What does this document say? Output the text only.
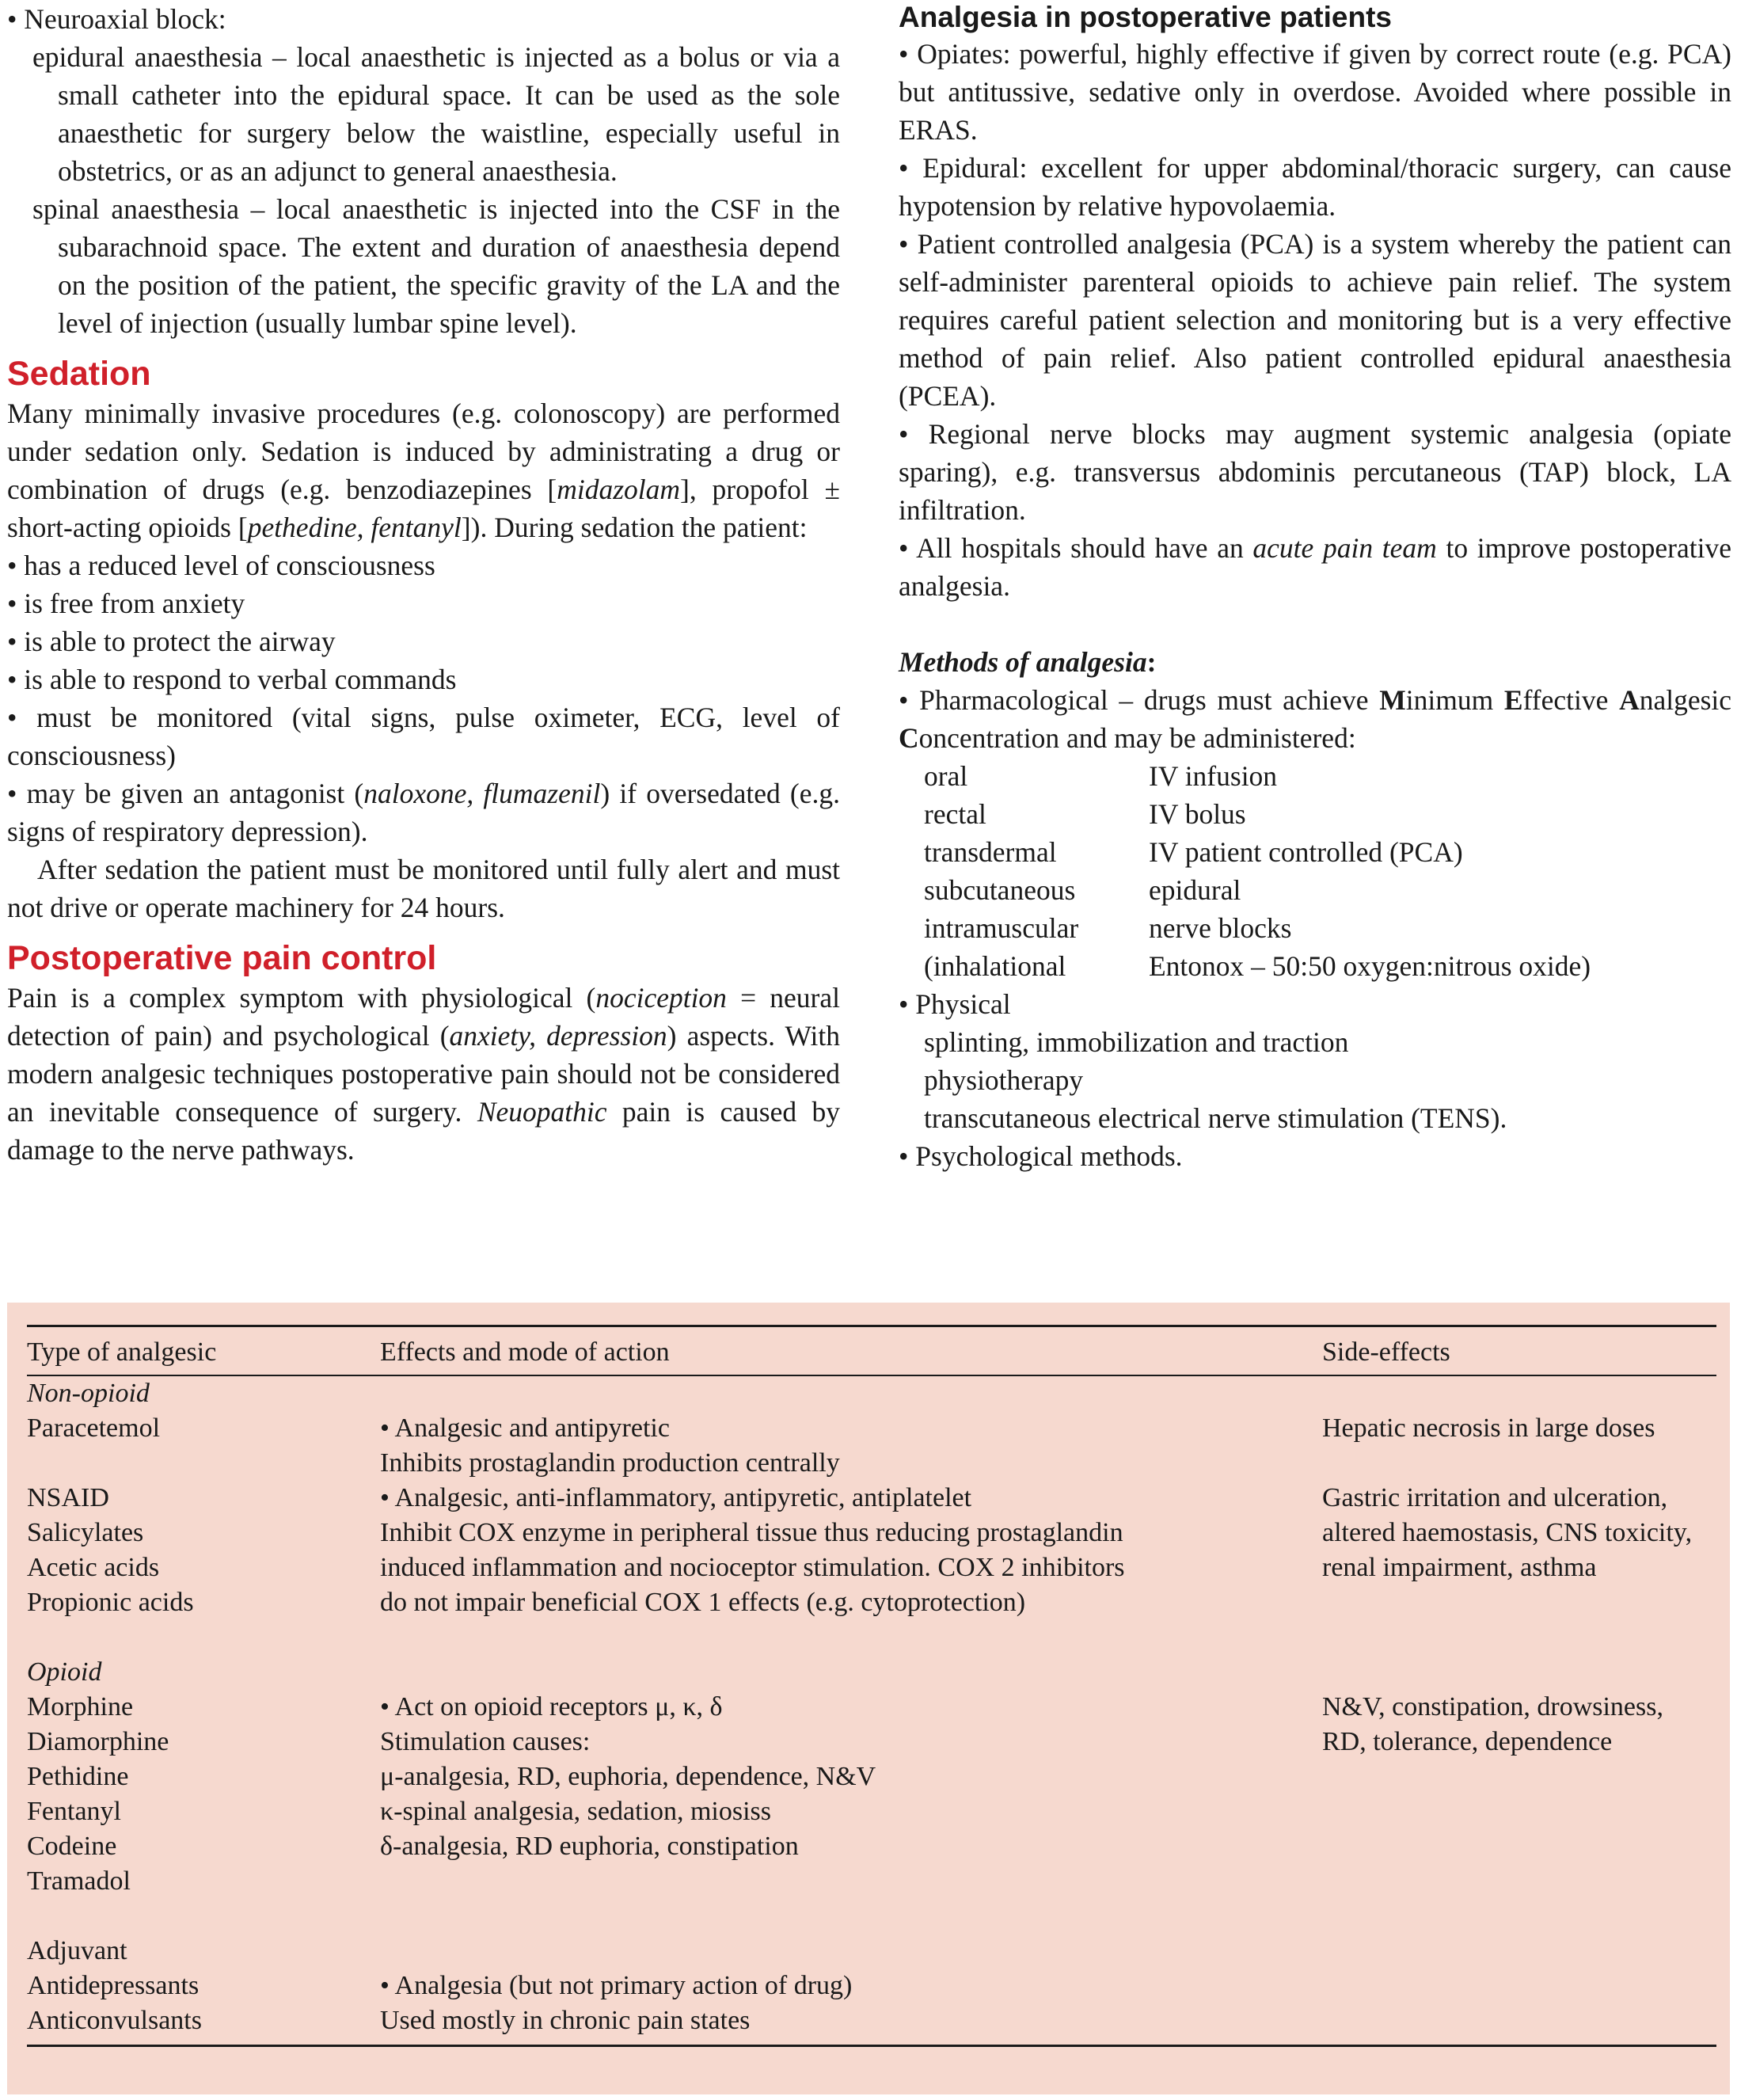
• Neuroaxial block:

epidural anaesthesia – local anaesthetic is injected as a bolus or via a small catheter into the epidural space. It can be used as the sole anaesthetic for surgery below the waistline, especially useful in obstetrics, or as an adjunct to general anaesthesia.

spinal anaesthesia – local anaesthetic is injected into the CSF in the subarachnoid space. The extent and duration of anaesthesia depend on the position of the patient, the specific gravity of the LA and the level of injection (usually lumbar spine level).

Sedation

Many minimally invasive procedures (e.g. colonoscopy) are performed under sedation only. Sedation is induced by administrating a drug or combination of drugs (e.g. benzodiazepines [midazolam], propofol ± short-acting opioids [pethedine, fentanyl]). During sedation the patient:

• has a reduced level of consciousness

• is free from anxiety

• is able to protect the airway

• is able to respond to verbal commands

• must be monitored (vital signs, pulse oximeter, ECG, level of consciousness)

• may be given an antagonist (naloxone, flumazenil) if oversedated (e.g. signs of respiratory depression).

After sedation the patient must be monitored until fully alert and must not drive or operate machinery for 24 hours.

Postoperative pain control

Pain is a complex symptom with physiological (nociception = neural detection of pain) and psychological (anxiety, depression) aspects. With modern analgesic techniques postoperative pain should not be considered an inevitable consequence of surgery. Neuopathic pain is caused by damage to the nerve pathways.

Analgesia in postoperative patients

• Opiates: powerful, highly effective if given by correct route (e.g. PCA) but antitussive, sedative only in overdose. Avoided where possible in ERAS.

• Epidural: excellent for upper abdominal/thoracic surgery, can cause hypotension by relative hypovolaemia.

• Patient controlled analgesia (PCA) is a system whereby the patient can self-administer parenteral opioids to achieve pain relief. The system requires careful patient selection and monitoring but is a very effective method of pain relief. Also patient controlled epidural anaesthesia (PCEA).

• Regional nerve blocks may augment systemic analgesia (opiate sparing), e.g. transversus abdominis percutaneous (TAP) block, LA infiltration.

• All hospitals should have an acute pain team to improve postoperative analgesia.

Methods of analgesia:

• Pharmacological – drugs must achieve Minimum Effective Analgesic Concentration and may be administered:

oral	IV infusion
rectal	IV bolus
transdermal	IV patient controlled (PCA)
subcutaneous	epidural
intramuscular	nerve blocks
(inhalational	Entonox – 50:50 oxygen:nitrous oxide)

• Physical

splinting, immobilization and traction

physiotherapy

transcutaneous electrical nerve stimulation (TENS).

• Psychological methods.

Type of analgesic	Effects and mode of action	Side-effects
Non-opioid
Paracetemol	• Analgesic and antipyretic	Hepatic necrosis in large doses
Inhibits prostaglandin production centrally
NSAID	• Analgesic, anti-inflammatory, antipyretic, antiplatelet	Gastric irritation and ulceration,
Salicylates	Inhibit COX enzyme in peripheral tissue thus reducing prostaglandin	altered haemostasis, CNS toxicity,
Acetic acids	induced inflammation and nocioceptor stimulation. COX 2 inhibitors	renal impairment, asthma
Propionic acids	do not impair beneficial COX 1 effects (e.g. cytoprotection)
Opioid
Morphine	• Act on opioid receptors μ, κ, δ	N&V, constipation, drowsiness,
Diamorphine	Stimulation causes:	RD, tolerance, dependence
Pethidine	μ-analgesia, RD, euphoria, dependence, N&V
Fentanyl	κ-spinal analgesia, sedation, miosiss
Codeine	δ-analgesia, RD euphoria, constipation
Tramadol
Adjuvant
Antidepressants	• Analgesia (but not primary action of drug)
Anticonvulsants	Used mostly in chronic pain states
